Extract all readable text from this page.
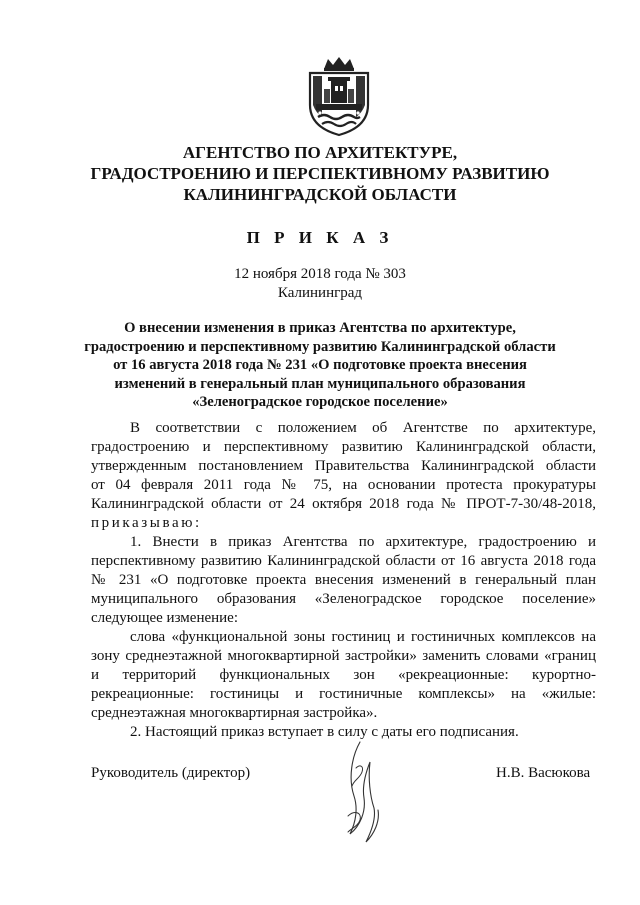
АГЕНТСТВО ПО АРХИТЕКТУРЕ,
ГРАДОСТРОЕНИЮ И ПЕРСПЕКТИВНОМУ РАЗВИТИЮ
КАЛИНИНГРАДСКОЙ ОБЛАСТИ
П Р И К А З
12 ноября 2018 года № 303
Калининград
О внесении изменения в приказ Агентства по архитектуре,
градостроению и перспективному развитию Калининградской области
от 16 августа 2018 года № 231 «О подготовке проекта внесения
изменений в генеральный план муниципального образования
«Зеленоградское городское поселение»
В соответствии с положением об Агентстве по архитектуре,
градостроению и перспективному развитию Калининградской области,
утвержденным постановлением Правительства Калининградской области
от 04 февраля 2011 года № 75, на основании протеста прокуратуры
Калининградской области от 24 октября 2018 года № ПРОТ-7-30/48-2018,
приказываю:
1. Внести в приказ Агентства по архитектуре, градостроению и
перспективному развитию Калининградской области от 16 августа 2018 года
№ 231 «О подготовке проекта внесения изменений в генеральный план
муниципального образования «Зеленоградское городское поселение»
следующее изменение:
слова «функциональной зоны гостиниц и гостиничных комплексов на
зону среднеэтажной многоквартирной застройки» заменить словами «границ
и территорий функциональных зон «рекреационные: курортно-
рекреационные: гостиницы и гостиничные комплексы» на «жилые:
среднеэтажная многоквартирная застройка».
2. Настоящий приказ вступает в силу с даты его подписания.
Руководитель (директор)	Н.В. Васюкова
